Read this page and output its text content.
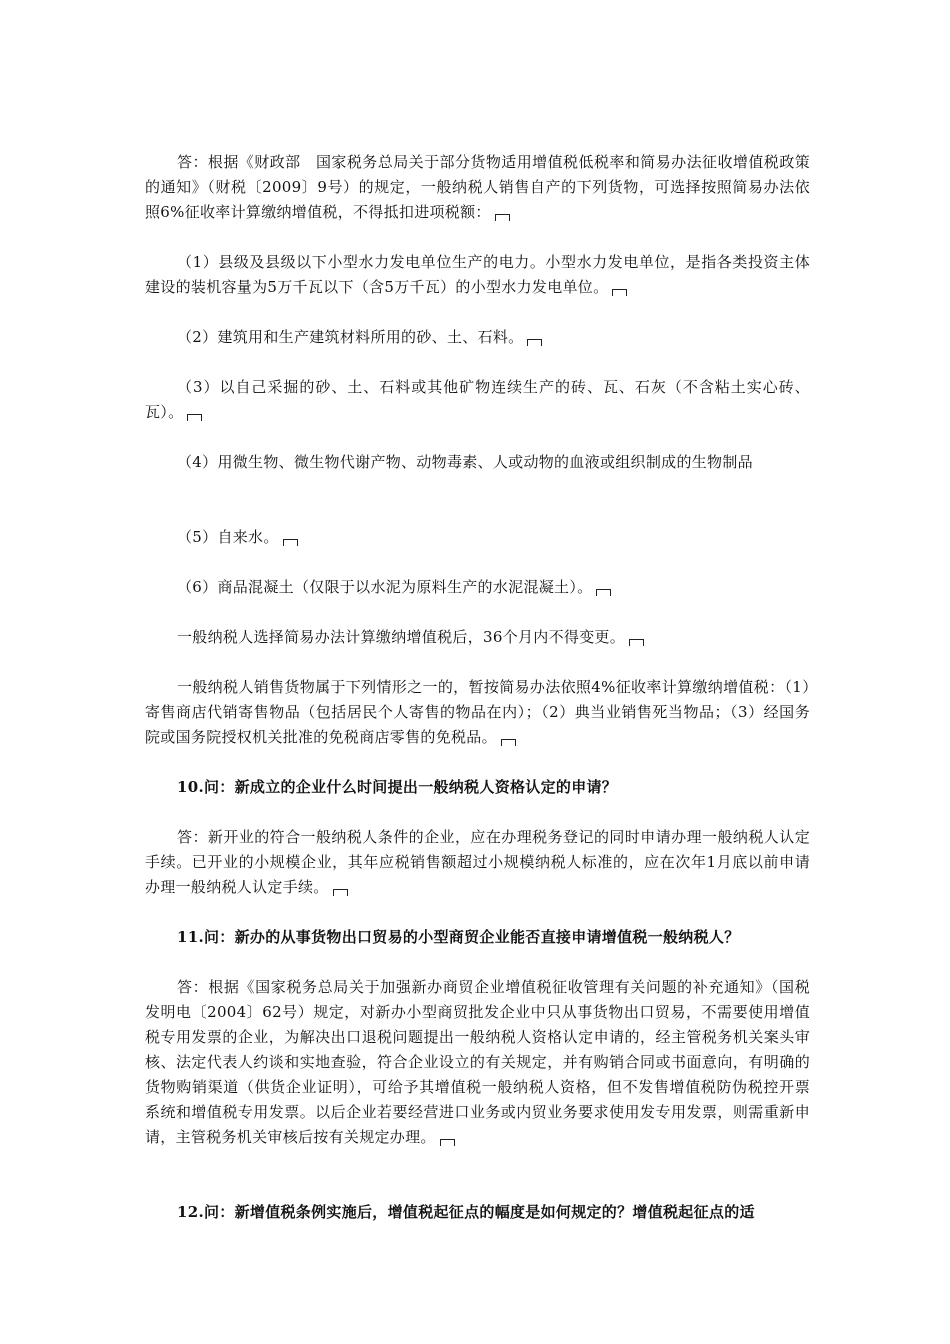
答：根据《财政部　国家税务总局关于部分货物适用增值税低税率和简易办法征收增值税政策的通知》（财税〔2009〕9号）的规定，一般纳税人销售自产的下列货物，可选择按照简易办法依照6%征收率计算缴纳增值税，不得抵扣进项税额：

（1）县级及县级以下小型水力发电单位生产的电力。小型水力发电单位，是指各类投资主体建设的装机容量为5万千瓦以下（含5万千瓦）的小型水力发电单位。

（2）建筑用和生产建筑材料所用的砂、土、石料。

（3）以自己采掘的砂、土、石料或其他矿物连续生产的砖、瓦、石灰（不含粘土实心砖、瓦）。

（4）用微生物、微生物代谢产物、动物毒素、人或动物的血液或组织制成的生物制品

（5）自来水。

（6）商品混凝土（仅限于以水泥为原料生产的水泥混凝土）。

一般纳税人选择简易办法计算缴纳增值税后，36个月内不得变更。

一般纳税人销售货物属于下列情形之一的，暂按简易办法依照4%征收率计算缴纳增值税：（1）寄售商店代销寄售物品（包括居民个人寄售的物品在内）；（2）典当业销售死当物品；（3）经国务院或国务院授权机关批准的免税商店零售的免税品。

10.问：新成立的企业什么时间提出一般纳税人资格认定的申请？

答：新开业的符合一般纳税人条件的企业，应在办理税务登记的同时申请办理一般纳税人认定手续。已开业的小规模企业，其年应税销售额超过小规模纳税人标准的，应在次年1月底以前申请办理一般纳税人认定手续。

11.问：新办的从事货物出口贸易的小型商贸企业能否直接申请增值税一般纳税人？

答：根据《国家税务总局关于加强新办商贸企业增值税征收管理有关问题的补充通知》（国税发明电〔2004〕62号）规定，对新办小型商贸批发企业中只从事货物出口贸易，不需要使用增值税专用发票的企业，为解决出口退税问题提出一般纳税人资格认定申请的，经主管税务机关案头审核、法定代表人约谈和实地查验，符合企业设立的有关规定，并有购销合同或书面意向，有明确的货物购销渠道（供货企业证明），可给予其增值税一般纳税人资格，但不发售增值税防伪税控开票系统和增值税专用发票。以后企业若要经营进口业务或内贸业务要求使用发专用发票，则需重新申请，主管税务机关审核后按有关规定办理。

12.问：新增值税条例实施后，增值税起征点的幅度是如何规定的？增值税起征点的适
